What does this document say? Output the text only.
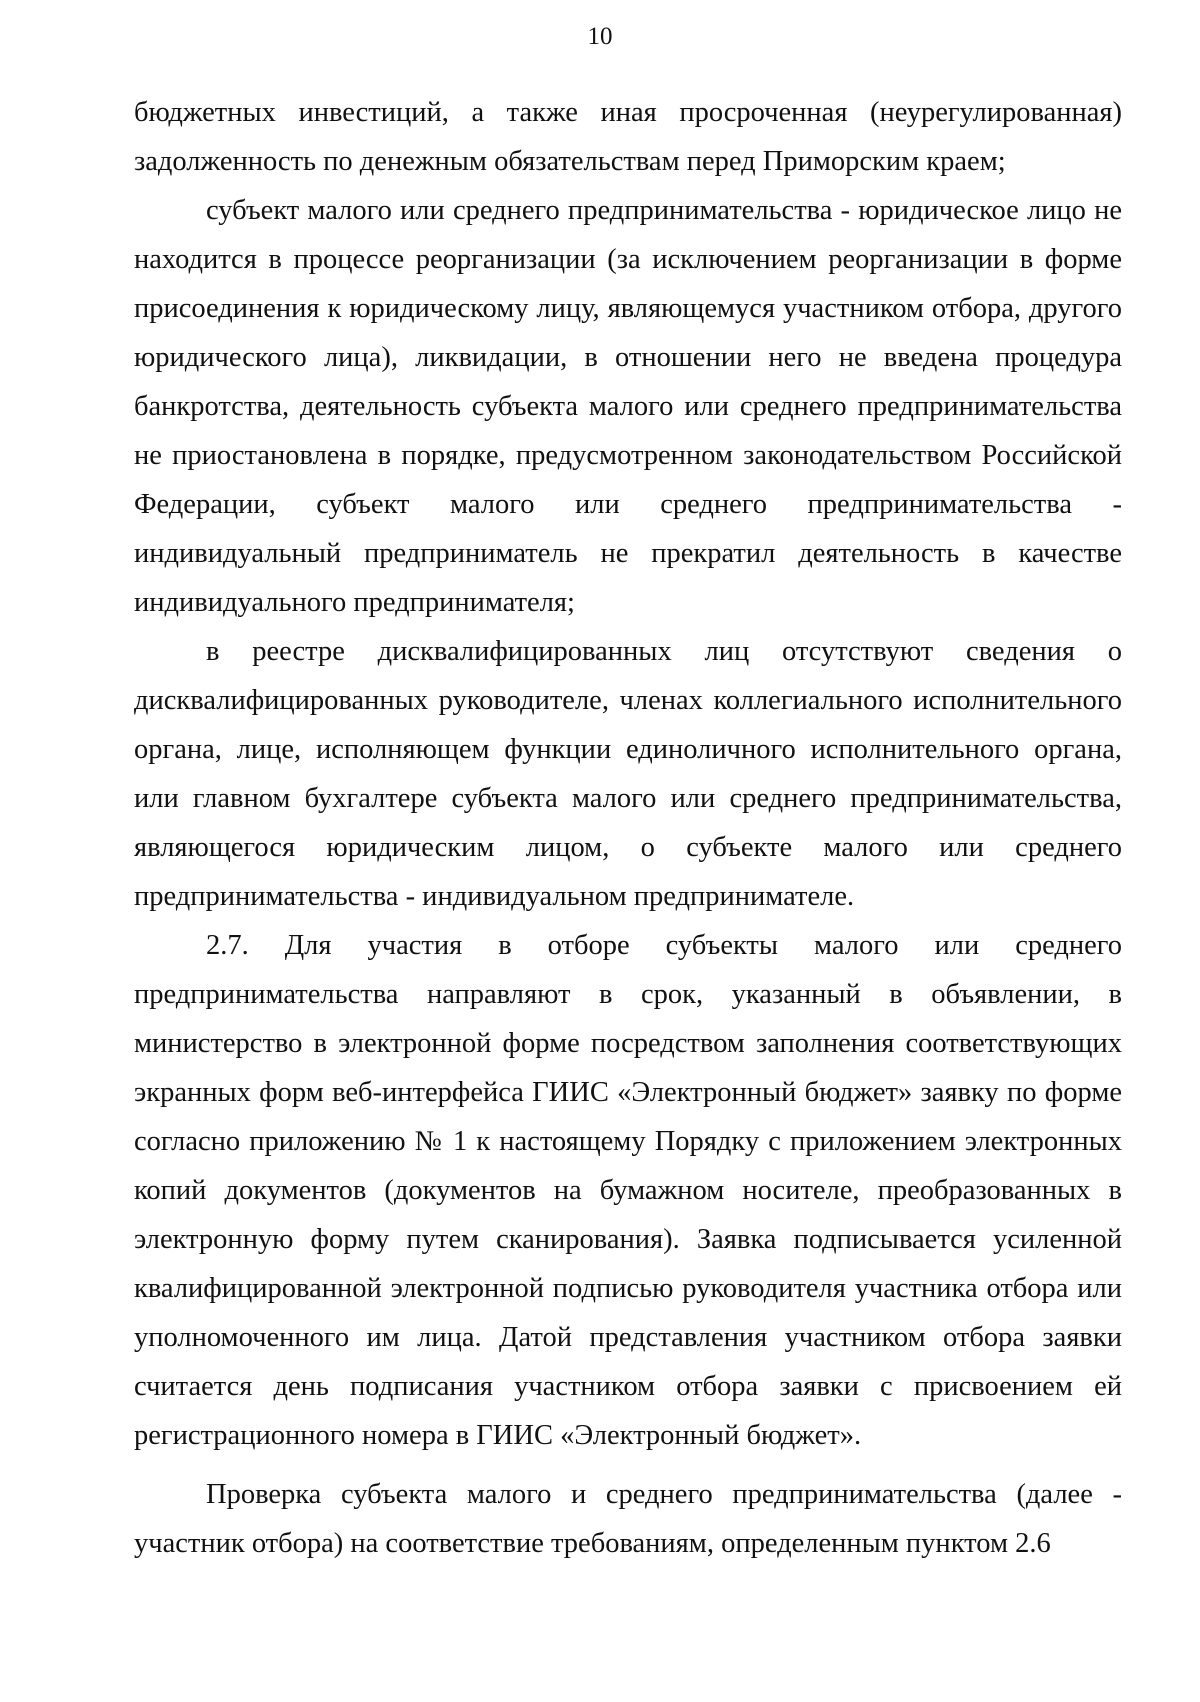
10

бюджетных инвестиций, а также иная просроченная (неурегулированная) задолженность по денежным обязательствам перед Приморским краем;

субъект малого или среднего предпринимательства - юридическое лицо не находится в процессе реорганизации (за исключением реорганизации в форме присоединения к юридическому лицу, являющемуся участником отбора, другого юридического лица), ликвидации, в отношении него не введена процедура банкротства, деятельность субъекта малого или среднего предпринимательства не приостановлена в порядке, предусмотренном законодательством Российской Федерации, субъект малого или среднего предпринимательства - индивидуальный предприниматель не прекратил деятельность в качестве индивидуального предпринимателя;

в реестре дисквалифицированных лиц отсутствуют сведения о дисквалифицированных руководителе, членах коллегиального исполнительного органа, лице, исполняющем функции единоличного исполнительного органа, или главном бухгалтере субъекта малого или среднего предпринимательства, являющегося юридическим лицом, о субъекте малого или среднего предпринимательства - индивидуальном предпринимателе.

2.7. Для участия в отборе субъекты малого или среднего предпринимательства направляют в срок, указанный в объявлении, в министерство в электронной форме посредством заполнения соответствующих экранных форм веб-интерфейса ГИИС «Электронный бюджет» заявку по форме согласно приложению № 1 к настоящему Порядку с приложением электронных копий документов (документов на бумажном носителе, преобразованных в электронную форму путем сканирования). Заявка подписывается усиленной квалифицированной электронной подписью руководителя участника отбора или уполномоченного им лица. Датой представления участником отбора заявки считается день подписания участником отбора заявки с присвоением ей регистрационного номера в ГИИС «Электронный бюджет».

Проверка субъекта малого и среднего предпринимательства (далее - участник отбора) на соответствие требованиям, определенным пунктом 2.6
